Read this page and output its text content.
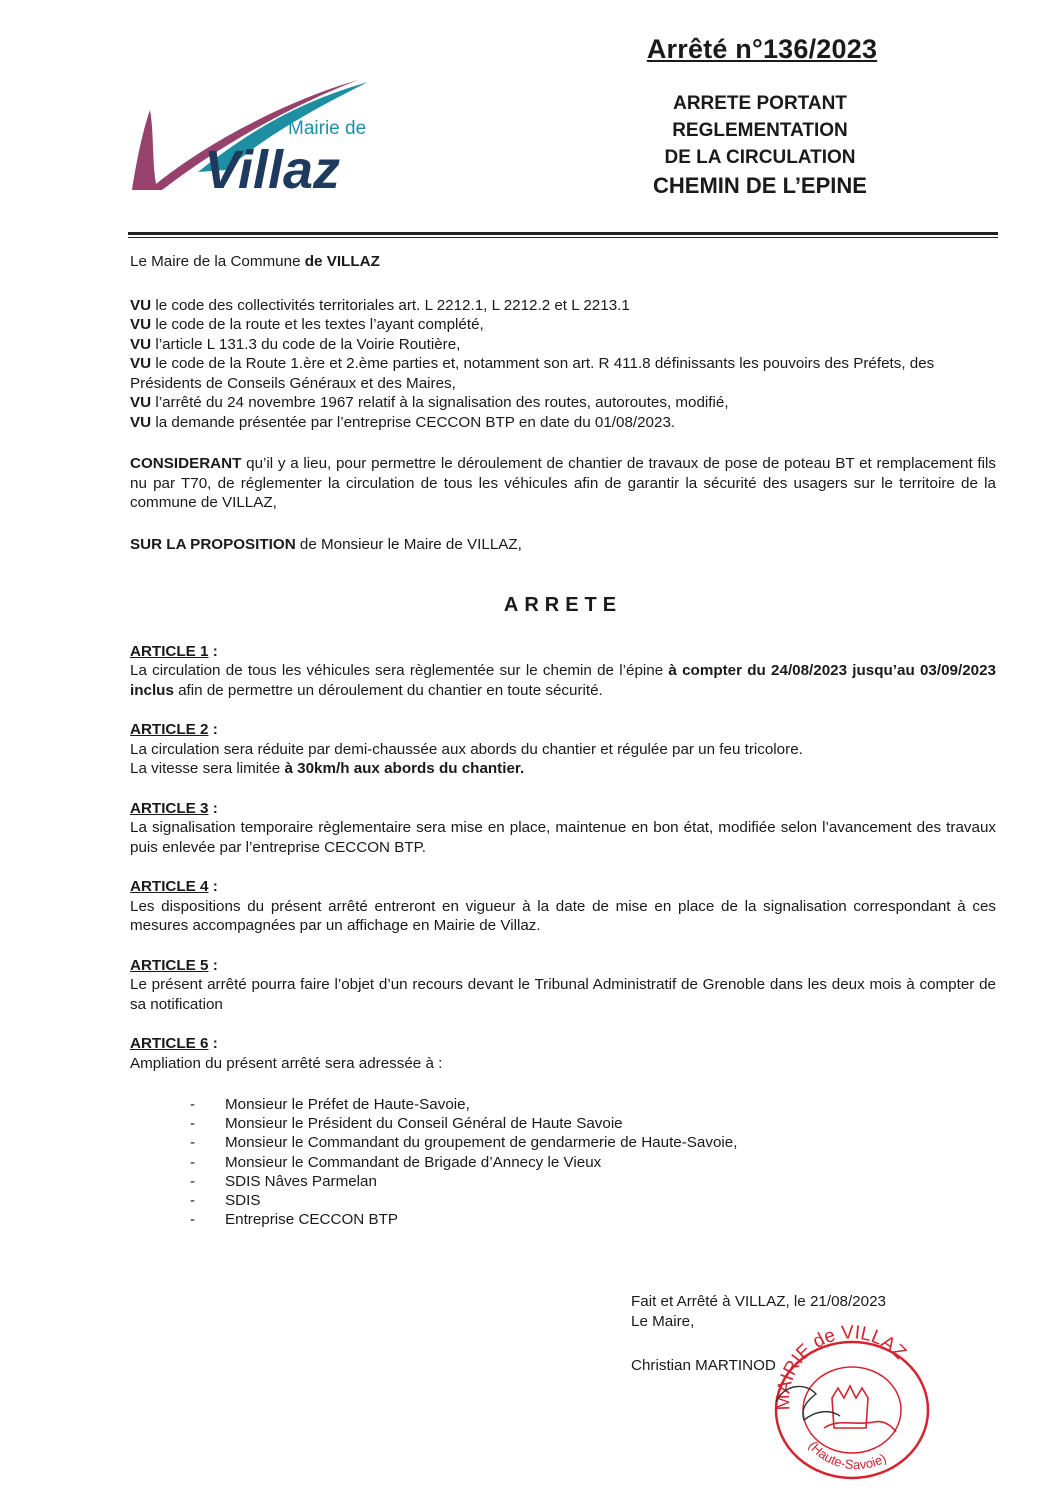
Mairie de
Villaz
Arrêté n°136/2023
ARRETE PORTANT
REGLEMENTATION
DE LA CIRCULATION
CHEMIN DE L’EPINE

Le Maire de la Commune de VILLAZ

VU le code des collectivités territoriales art. L 2212.1, L 2212.2 et L 2213.1

VU le code de la route et les textes l’ayant complété,

VU l’article L 131.3 du code de la Voirie Routière,

VU le code de la Route 1.ère et 2.ème parties et, notamment son art. R 411.8 définissants les pouvoirs des Préfets, des Présidents de Conseils Généraux et des Maires,

VU l’arrêté du 24 novembre 1967 relatif à la signalisation des routes, autoroutes, modifié,

VU la demande présentée par l’entreprise CECCON BTP en date du 01/08/2023.

CONSIDERANT qu’il y a lieu, pour permettre le déroulement de chantier de travaux de pose de poteau BT et remplacement fils nu par T70, de réglementer la circulation de tous les véhicules afin de garantir la sécurité des usagers sur le territoire de la commune de VILLAZ,

SUR LA PROPOSITION de Monsieur le Maire de VILLAZ,

ARRETE

ARTICLE 1 :

La circulation de tous les véhicules sera règlementée sur le chemin de l’épine à compter du 24/08/2023 jusqu’au 03/09/2023 inclus afin de permettre un déroulement du chantier en toute sécurité.

ARTICLE 2 :

La circulation sera réduite par demi-chaussée aux abords du chantier et régulée par un feu tricolore.

La vitesse sera limitée à 30km/h aux abords du chantier.

ARTICLE 3 :

La signalisation temporaire règlementaire sera mise en place, maintenue en bon état, modifiée selon l’avancement des travaux puis enlevée par l’entreprise CECCON BTP.

ARTICLE 4 :

Les dispositions du présent arrêté entreront en vigueur à la date de mise en place de la signalisation correspondant à ces mesures accompagnées par un affichage en Mairie de Villaz.

ARTICLE 5 :

Le présent arrêté pourra faire l’objet d’un recours devant le Tribunal Administratif de Grenoble dans les deux mois à compter de sa notification

ARTICLE 6 :

Ampliation du présent arrêté sera adressée à :

- Monsieur le Préfet de Haute-Savoie,
- Monsieur le Président du Conseil Général de Haute Savoie
- Monsieur le Commandant du groupement de gendarmerie de Haute-Savoie,
- Monsieur le Commandant de Brigade d’Annecy le Vieux
- SDIS Nâves Parmelan
- SDIS
- Entreprise CECCON BTP
Fait et Arrêté à VILLAZ, le 21/08/2023
Le Maire,
Christian MARTINOD
MAIRIE de VILLAZ
(Haute-Savoie)
